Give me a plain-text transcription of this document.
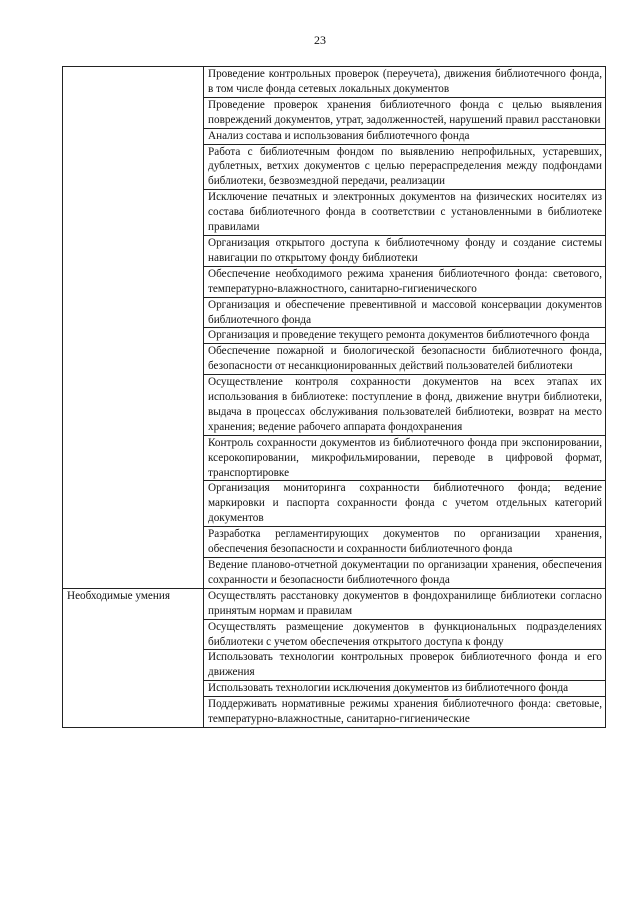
23

	Проведение контрольных проверок (переучета), движения библиотечного фонда, в том числе фонда сетевых локальных документов

	Проведение проверок хранения библиотечного фонда с целью выявления повреждений документов, утрат, задолженностей, нарушений правил расстановки

	Анализ состава и использования библиотечного фонда

	Работа с библиотечным фондом по выявлению непрофильных, устаревших, дублетных, ветхих документов с целью перераспределения между подфондами библиотеки, безвозмездной передачи, реализации

	Исключение печатных и электронных документов на физических носителях из состава библиотечного фонда в соответствии с установленными в библиотеке правилами

	Организация открытого доступа к библиотечному фонду и создание системы навигации по открытому фонду библиотеки

	Обеспечение необходимого режима хранения библиотечного фонда: светового, температурно-влажностного, санитарно-гигиенического

	Организация и обеспечение превентивной и массовой консервации документов библиотечного фонда

	Организация и проведение текущего ремонта документов библиотечного фонда

	Обеспечение пожарной и биологической безопасности библиотечного фонда, безопасности от несанкционированных действий пользователей библиотеки

	Осуществление контроля сохранности документов на всех этапах их использования в библиотеке: поступление в фонд, движение внутри библиотеки, выдача в процессах обслуживания пользователей библиотеки, возврат на место хранения; ведение рабочего аппарата фондохранения

	Контроль сохранности документов из библиотечного фонда при экспонировании, ксерокопировании, микрофильмировании, переводе в цифровой формат, транспортировке

	Организация мониторинга сохранности библиотечного фонда; ведение маркировки и паспорта сохранности фонда с учетом отдельных категорий документов

	Разработка регламентирующих документов по организации хранения, обеспечения безопасности и сохранности библиотечного фонда

	Ведение планово-отчетной документации по организации хранения, обеспечения сохранности и безопасности библиотечного фонда

Необходимые умения	Осуществлять расстановку документов в фондохранилище библиотеки согласно принятым нормам и правилам

	Осуществлять размещение документов в функциональных подразделениях библиотеки с учетом обеспечения открытого доступа к фонду

	Использовать технологии контрольных проверок библиотечного фонда и его движения

	Использовать технологии исключения документов из библиотечного фонда

	Поддерживать нормативные режимы хранения библиотечного фонда: световые, температурно-влажностные, санитарно-гигиенические
